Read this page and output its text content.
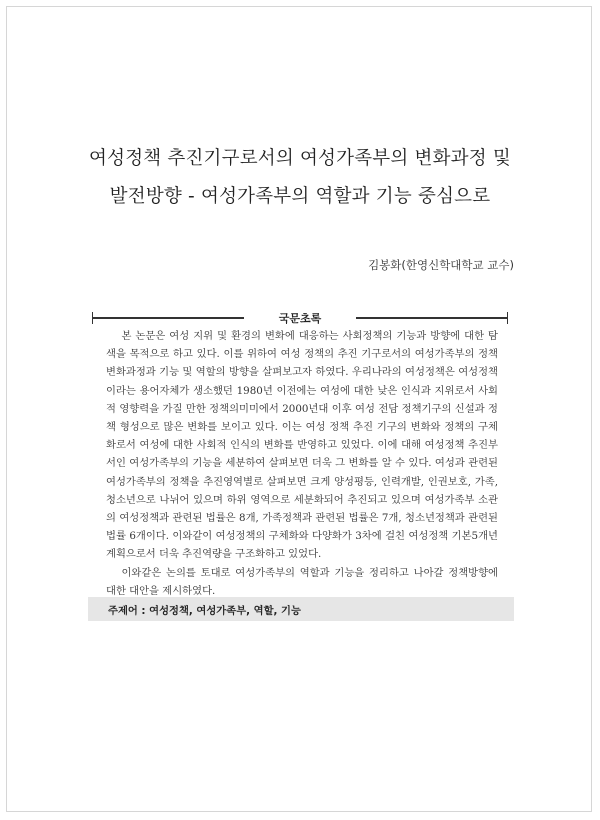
여성정책 추진기구로서의 여성가족부의 변화과정 및
발전방향 - 여성가족부의 역할과 기능 중심으로
김봉화(한영신학대학교 교수)
국문초록

본 논문은 여성 지위 및 환경의 변화에 대응하는 사회정책의 기능과 방향에 대한 탐색을 목적으로 하고 있다. 이를 위하여 여성 정책의 추진 기구로서의 여성가족부의 정책 변화과정과 기능 및 역할의 방향을 살펴보고자 하였다. 우리나라의 여성정책은 여성정책이라는 용어자체가 생소했던 1980년 이전에는 여성에 대한 낮은 인식과 지위로서 사회적 영향력을 가질 만한 정책의미미에서 2000년대 이후 여성 전담 정책기구의 신설과 정책 형성으로 많은 변화를 보이고 있다. 이는 여성 정책 추진 기구의 변화와 정책의 구체화로서 여성에 대한 사회적 인식의 변화를 반영하고 있었다. 이에 대해 여성정책 추진부서인 여성가족부의 기능을 세분하여 살펴보면 더욱 그 변화를 알 수 있다. 여성과 관련된 여성가족부의 정책을 추진영역별로 살펴보면 크게 양성평등, 인력개발, 인권보호, 가족, 청소년으로 나뉘어 있으며 하위 영역으로 세분화되어 추진되고 있으며 여성가족부 소관의 여성정책과 관련된 법률은 8개, 가족정책과 관련된 법률은 7개, 청소년정책과 관련된 법률 6개이다. 이와같이 여성정책의 구체화와 다양화가 3차에 걸친 여성정책 기본5개년 계획으로서 더욱 추진역량을 구조화하고 있었다.

이와같은 논의를 토대로 여성가족부의 역할과 기능을 정리하고 나아갈 정책방향에 대한 대안을 제시하였다.

주제어 : 여성정책, 여성가족부, 역할, 기능
